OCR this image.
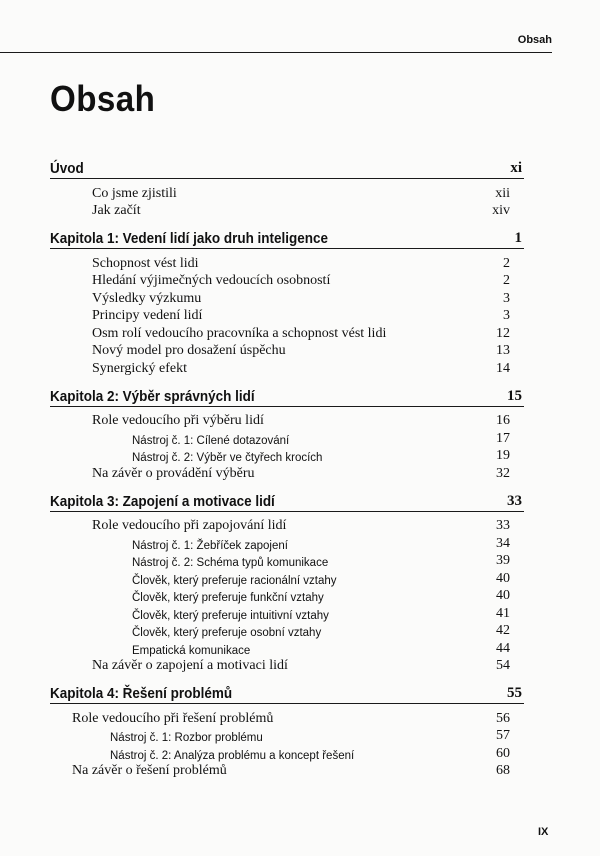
Obsah
Obsah
Úvod	xi
Co jsme zjistili	xii
Jak začít	xiv
Kapitola 1: Vedení lidí jako druh inteligence	1
Schopnost vést lidi	2
Hledání výjimečných vedoucích osobností	2
Výsledky výzkumu	3
Principy vedení lidí	3
Osm rolí vedoucího pracovníka a schopnost vést lidi	12
Nový model pro dosažení úspěchu	13
Synergický efekt	14
Kapitola 2: Výběr správných lidí	15
Role vedoucího při výběru lidí	16
Nástroj č. 1: Cílené dotazování	17
Nástroj č. 2: Výběr ve čtyřech krocích	19
Na závěr o provádění výběru	32
Kapitola 3: Zapojení a motivace lidí	33
Role vedoucího při zapojování lidí	33
Nástroj č. 1: Žebříček zapojení	34
Nástroj č. 2: Schéma typů komunikace	39
Člověk, který preferuje racionální vztahy	40
Člověk, který preferuje funkční vztahy	40
Člověk, který preferuje intuitivní vztahy	41
Člověk, který preferuje osobní vztahy	42
Empatická komunikace	44
Na závěr o zapojení a motivaci lidí	54
Kapitola 4: Řešení problémů	55
Role vedoucího při řešení problémů	56
Nástroj č. 1: Rozbor problému	57
Nástroj č. 2: Analýza problému a koncept řešení	60
Na závěr o řešení problémů	68
IX
